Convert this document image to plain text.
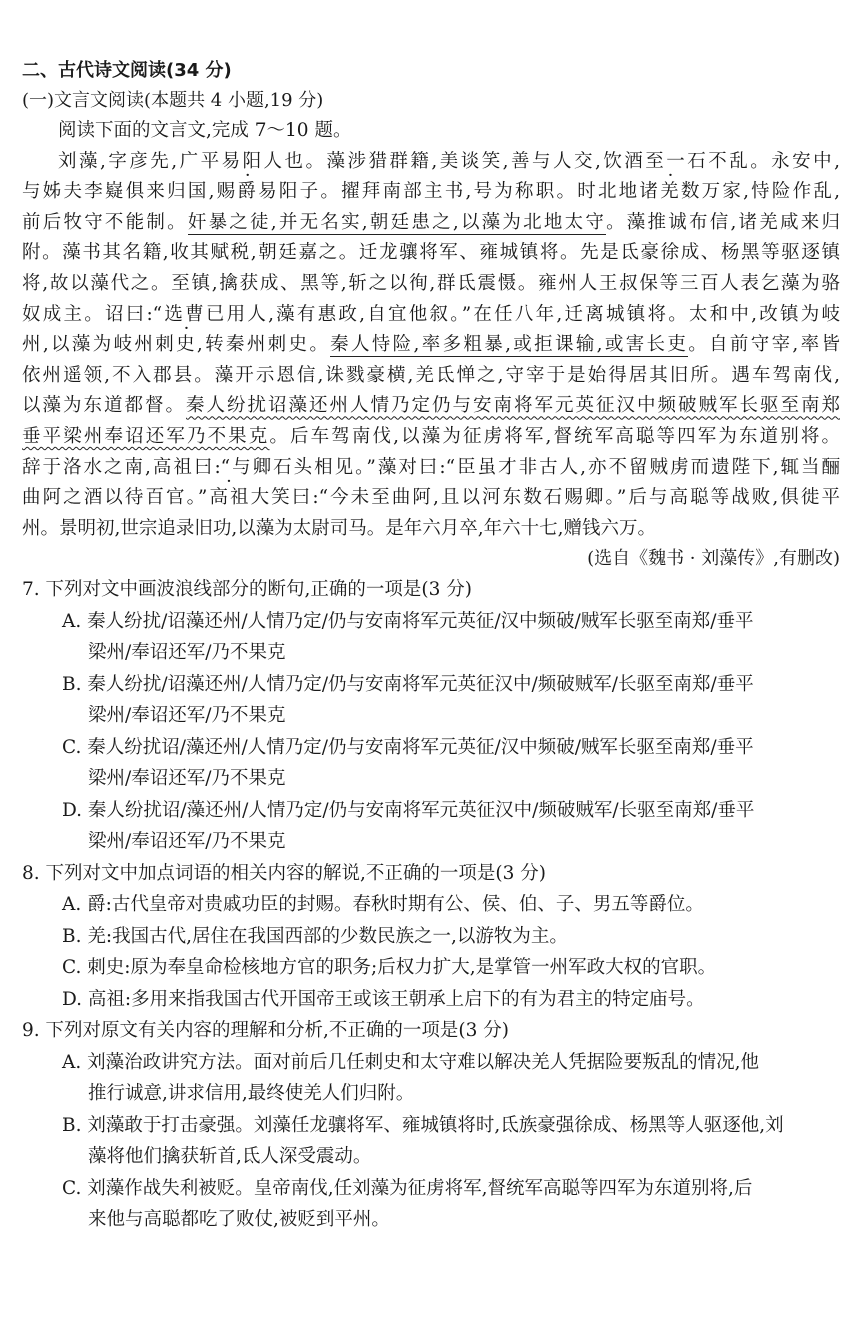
二、古代诗文阅读(34 分)
(一)文言文阅读(本题共 4 小题,19 分)
阅读下面的文言文,完成 7～10 题。
刘藻,字彦先,广平易阳人也。藻涉猎群籍,美谈笑,善与人交,饮酒至一石不乱。永安中,
与姊夫李嶷俱来归国,赐爵易阳子。擢拜南部主书,号为称职。时北地诸羌数万家,恃险作乱,
前后牧守不能制。奸暴之徒,并无名实,朝廷患之,以藻为北地太守。藻推诚布信,诸羌咸来归
附。藻书其名籍,收其赋税,朝廷嘉之。迁龙骧将军、雍城镇将。先是氐豪徐成、杨黑等驱逐镇
将,故以藻代之。至镇,擒获成、黑等,斩之以徇,群氐震慑。雍州人王叔保等三百人表乞藻为骆
奴成主。诏曰:“选曹已用人,藻有惠政,自宜他叙。”在任八年,迁离城镇将。太和中,改镇为岐
州,以藻为岐州刺史,转秦州刺史。秦人恃险,率多粗暴,或拒课输,或害长吏。自前守宰,率皆
依州遥领,不入郡县。藻开示恩信,诛戮豪横,羌氐惮之,守宰于是始得居其旧所。遇车驾南伐,
以藻为东道都督。秦人纷扰诏藻还州人情乃定仍与安南将军元英征汉中频破贼军长驱至南郑
垂平梁州奉诏还军乃不果克。后车驾南伐,以藻为征虏将军,督统军高聪等四军为东道别将。
辞于洛水之南,高祖曰:“与卿石头相见。”藻对曰:“臣虽才非古人,亦不留贼虏而遗陛下,辄当酾
曲阿之酒以待百官。”高祖大笑曰:“今未至曲阿,且以河东数石赐卿。”后与高聪等战败,俱徙平
州。景明初,世宗追录旧功,以藻为太尉司马。是年六月卒,年六十七,赠钱六万。
(选自《魏书 · 刘藻传》,有删改)
7. 下列对文中画波浪线部分的断句,正确的一项是(3 分)
A. 秦人纷扰/诏藻还州/人情乃定/仍与安南将军元英征/汉中频破/贼军长驱至南郑/垂平
梁州/奉诏还军/乃不果克
B. 秦人纷扰/诏藻还州/人情乃定/仍与安南将军元英征汉中/频破贼军/长驱至南郑/垂平
梁州/奉诏还军/乃不果克
C. 秦人纷扰诏/藻还州/人情乃定/仍与安南将军元英征/汉中频破/贼军长驱至南郑/垂平
梁州/奉诏还军/乃不果克
D. 秦人纷扰诏/藻还州/人情乃定/仍与安南将军元英征汉中/频破贼军/长驱至南郑/垂平
梁州/奉诏还军/乃不果克
8. 下列对文中加点词语的相关内容的解说,不正确的一项是(3 分)
A. 爵:古代皇帝对贵戚功臣的封赐。春秋时期有公、侯、伯、子、男五等爵位。
B. 羌:我国古代,居住在我国西部的少数民族之一,以游牧为主。
C. 刺史:原为奉皇命检核地方官的职务;后权力扩大,是掌管一州军政大权的官职。
D. 高祖:多用来指我国古代开国帝王或该王朝承上启下的有为君主的特定庙号。
9. 下列对原文有关内容的理解和分析,不正确的一项是(3 分)
A. 刘藻治政讲究方法。面对前后几任刺史和太守难以解决羌人凭据险要叛乱的情况,他
推行诚意,讲求信用,最终使羌人们归附。
B. 刘藻敢于打击豪强。刘藻任龙骧将军、雍城镇将时,氐族豪强徐成、杨黑等人驱逐他,刘
藻将他们擒获斩首,氐人深受震动。
C. 刘藻作战失利被贬。皇帝南伐,任刘藻为征虏将军,督统军高聪等四军为东道别将,后
来他与高聪都吃了败仗,被贬到平州。
